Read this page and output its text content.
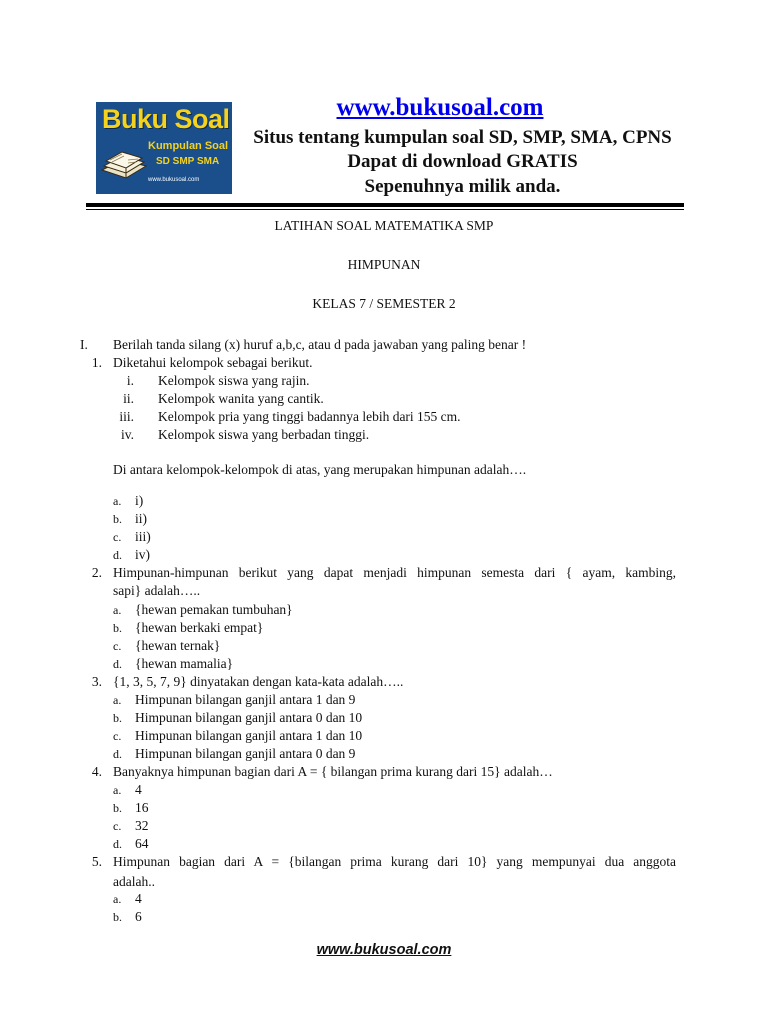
Buku Soal
Kumpulan Soal
SD SMP SMA
www.bukusoal.com
www.bukusoal.com
Situs tentang kumpulan soal SD, SMP, SMA, CPNS
Dapat di download GRATIS
Sepenuhnya milik anda.
LATIHAN SOAL MATEMATIKA SMP
HIMPUNAN
KELAS 7 / SEMESTER 2
I. Berilah tanda silang (x) huruf a,b,c, atau d pada jawaban yang paling benar !
1. Diketahui kelompok sebagai berikut.
i. Kelompok siswa yang rajin.
ii. Kelompok wanita yang cantik.
iii. Kelompok pria yang tinggi badannya lebih dari 155 cm.
iv. Kelompok siswa yang berbadan tinggi.
Di antara kelompok-kelompok di atas, yang merupakan himpunan adalah….
a. i)
b. ii)
c. iii)
d. iv)
2. Himpunan-himpunan berikut yang dapat menjadi himpunan semesta dari { ayam, kambing,
sapi} adalah…..
a. {hewan pemakan tumbuhan}
b. {hewan berkaki empat}
c. {hewan ternak}
d. {hewan mamalia}
3. {1, 3, 5, 7, 9} dinyatakan dengan kata-kata adalah…..
a. Himpunan bilangan ganjil antara 1 dan 9
b. Himpunan bilangan ganjil antara 0 dan 10
c. Himpunan bilangan ganjil antara 1 dan 10
d. Himpunan bilangan ganjil antara 0 dan 9
4. Banyaknya himpunan bagian dari A = { bilangan prima kurang dari 15} adalah…
a. 4
b. 16
c. 32
d. 64
5. Himpunan bagian dari A = {bilangan prima kurang dari 10} yang mempunyai dua anggota
adalah..
a. 4
b. 6
www.bukusoal.com
